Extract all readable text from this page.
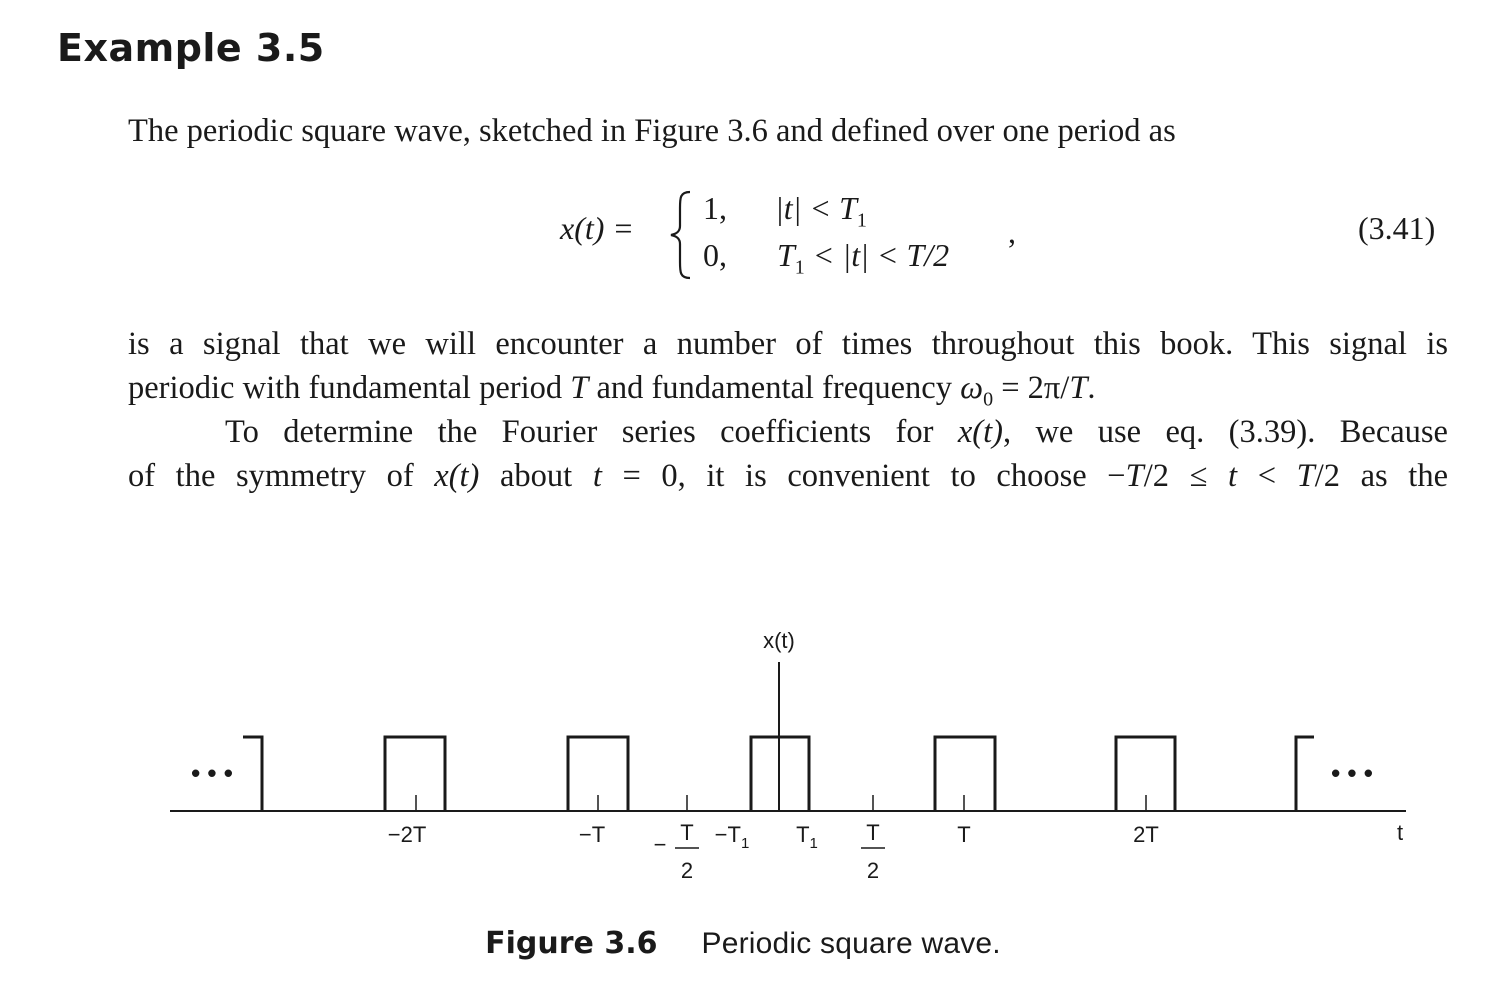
Example 3.5
The periodic square wave, sketched in Figure 3.6 and defined over one period as
x(t) =
1, $|t| < T_1$
0, $T_1 < |t| < T/2$
,	(3.41)
is a signal that we will encounter a number of times throughout this book. This signal is
periodic with fundamental period T and fundamental frequency $\omega_0 = 2\pi/T$.
To determine the Fourier series coefficients for x(t), we use eq. (3.39). Because
of the symmetry of x(t) about t = 0, it is convenient to choose −T/2 ≤ t < T/2 as the
x(t)
t
• • •	• • •
−2T	−T − T
2
$-T_1$ $T_1$ T
2
T	2T
Figure 3.6 Periodic square wave.
